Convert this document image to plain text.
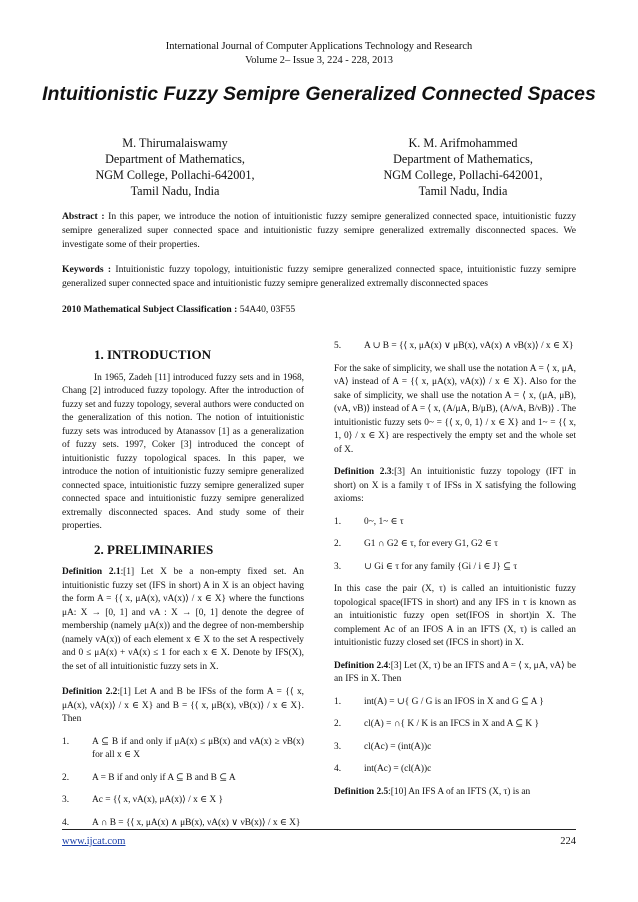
International Journal of Computer Applications Technology and Research
Volume 2– Issue 3, 224 - 228, 2013
Intuitionistic Fuzzy Semipre Generalized Connected Spaces
M. Thirumalaiswamy
Department of Mathematics,
NGM College, Pollachi-642001,
Tamil Nadu, India
K. M. Arifmohammed
Department of Mathematics,
NGM College, Pollachi-642001,
Tamil Nadu, India
Abstract : In this paper, we introduce the notion of intuitionistic fuzzy semipre generalized connected space, intuitionistic fuzzy semipre generalized super connected space and intuitionistic fuzzy semipre generalized extremally disconnected spaces. We investigate some of their properties.
Keywords : Intuitionistic fuzzy topology, intuitionistic fuzzy semipre generalized connected space, intuitionistic fuzzy semipre generalized super connected space and intuitionistic fuzzy semipre generalized extremally disconnected spaces
2010 Mathematical Subject Classification : 54A40, 03F55
1. INTRODUCTION

In 1965, Zadeh [11] introduced fuzzy sets and in 1968, Chang [2] introduced fuzzy topology. After the introduction of fuzzy set and fuzzy topology, several authors were conducted on the generalization of this notion. The notion of intuitionistic fuzzy sets was introduced by Atanassov [1] as a generalization of fuzzy sets. 1997, Coker [3] introduced the concept of intuitionistic fuzzy topological spaces. In this paper, we introduce the notion of intuitionistic fuzzy semipre generalized connected space, intuitionistic fuzzy semipre generalized super connected space and intuitionistic fuzzy semipre generalized extremally disconnected spaces. And study some of their properties.

2. PRELIMINARIES

Definition 2.1:[1] Let X be a non-empty fixed set. An intuitionistic fuzzy set (IFS in short) A in X is an object having the form A = {⟨ x, μA(x), νA(x)⟩ / x ∈ X} where the functions μA: X → [0, 1] and νA : X → [0, 1] denote the degree of membership (namely μA(x)) and the degree of non-membership (namely νA(x)) of each element x ∈ X to the set A respectively and 0 ≤ μA(x) + νA(x) ≤ 1 for each x ∈ X. Denote by IFS(X), the set of all intuitionistic fuzzy sets in X.

Definition 2.2:[1] Let A and B be IFSs of the form A = {⟨ x, μA(x), νA(x)⟩ / x ∈ X} and B = {⟨ x, μB(x), νB(x)⟩ / x ∈ X}. Then

1.	A ⊆ B if and only if μA(x) ≤ μB(x) and νA(x) ≥ νB(x) for all x ∈ X
2.	A = B if and only if A ⊆ B and B ⊆ A
3.	Ac = {⟨ x, νA(x), μA(x)⟩ / x ∈ X }
4.	A ∩ B = {⟨ x, μA(x) ∧ μB(x), νA(x) ∨ νB(x)⟩ / x ∈ X}
5.	A ∪ B = {⟨ x, μA(x) ∨ μB(x), νA(x) ∧ νB(x)⟩ / x ∈ X}

For the sake of simplicity, we shall use the notation A = ⟨ x, μA, νA⟩ instead of A = {⟨ x, μA(x), νA(x)⟩ / x ∈ X}. Also for the sake of simplicity, we shall use the notation A = ⟨ x, (μA, μB), (νA, νB)⟩ instead of A = ⟨ x, (A/μA, B/μB), (A/νA, B/νB)⟩ . The intuitionistic fuzzy sets 0~ = {⟨ x, 0, 1⟩ / x ∈ X} and 1~ = {⟨ x, 1, 0⟩ / x ∈ X} are respectively the empty set and the whole set of X.

Definition 2.3:[3] An intuitionistic fuzzy topology (IFT in short) on X is a family τ of IFSs in X satisfying the following axioms:

1.	0~, 1~ ∈ τ
2.	G1 ∩ G2 ∈ τ, for every G1, G2 ∈ τ
3.	∪ Gi ∈ τ for any family {Gi / i ∈ J} ⊆ τ

In this case the pair (X, τ) is called an intuitionistic fuzzy topological space(IFTS in short) and any IFS in τ is known as an intuitionistic fuzzy open set(IFOS in short)in X. The complement Ac of an IFOS A in an IFTS (X, τ) is called an intuitionistic fuzzy closed set (IFCS in short) in X.

Definition 2.4:[3] Let (X, τ) be an IFTS and A = ⟨ x, μA, νA⟩ be an IFS in X. Then

1.	int(A) = ∪{ G / G is an IFOS in X and G ⊆ A }
2.	cl(A) = ∩{ K / K is an IFCS in X and A ⊆ K }
3.	cl(Ac) = (int(A))c
4.	int(Ac) = (cl(A))c

Definition 2.5:[10] An IFS A of an IFTS (X, τ) is an

www.ijcat.com	224
